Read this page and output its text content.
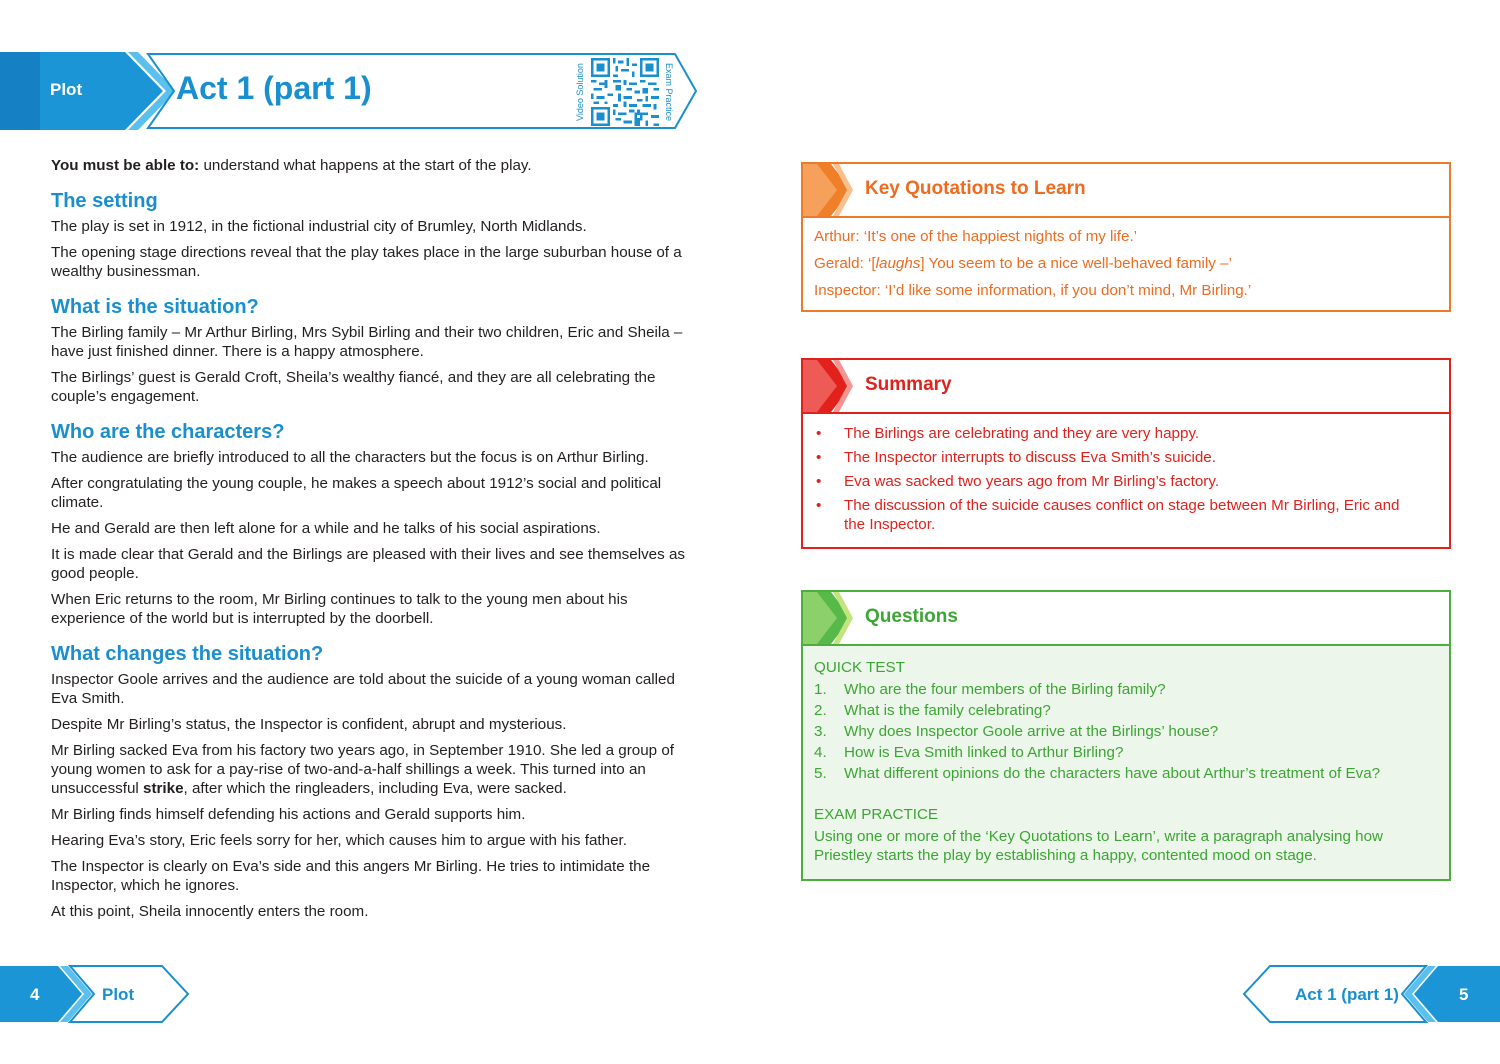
Plot	Act 1 (part 1)	Video Solution	Exam Practice

You must be able to: understand what happens at the start of the play.

The setting

The play is set in 1912, in the fictional industrial city of Brumley, North Midlands.

The opening stage directions reveal that the play takes place in the large suburban house of a wealthy businessman.

What is the situation?

The Birling family – Mr Arthur Birling, Mrs Sybil Birling and their two children, Eric and Sheila – have just finished dinner. There is a happy atmosphere.

The Birlings’ guest is Gerald Croft, Sheila’s wealthy fiancé, and they are all celebrating the couple’s engagement.

Who are the characters?

The audience are briefly introduced to all the characters but the focus is on Arthur Birling.

After congratulating the young couple, he makes a speech about 1912’s social and political climate.

He and Gerald are then left alone for a while and he talks of his social aspirations.

It is made clear that Gerald and the Birlings are pleased with their lives and see themselves as good people.

When Eric returns to the room, Mr Birling continues to talk to the young men about his experience of the world but is interrupted by the doorbell.

What changes the situation?

Inspector Goole arrives and the audience are told about the suicide of a young woman called Eva Smith.

Despite Mr Birling’s status, the Inspector is confident, abrupt and mysterious.

Mr Birling sacked Eva from his factory two years ago, in September 1910. She led a group of young women to ask for a pay-rise of two-and-a-half shillings a week. This turned into an unsuccessful strike, after which the ringleaders, including Eva, were sacked.

Mr Birling finds himself defending his actions and Gerald supports him.

Hearing Eva’s story, Eric feels sorry for her, which causes him to argue with his father.

The Inspector is clearly on Eva’s side and this angers Mr Birling. He tries to intimidate the Inspector, which he ignores.

At this point, Sheila innocently enters the room.

Key Quotations to Learn

Arthur: ‘It’s one of the happiest nights of my life.’

Gerald: ‘[laughs] You seem to be a nice well-behaved family –’

Inspector: ‘I’d like some information, if you don’t mind, Mr Birling.’

Summary
• The Birlings are celebrating and they are very happy.
• The Inspector interrupts to discuss Eva Smith’s suicide.
• Eva was sacked two years ago from Mr Birling’s factory.
• The discussion of the suicide causes conflict on stage between Mr Birling, Eric and the Inspector.
Questions
QUICK TEST
1. Who are the four members of the Birling family?
2. What is the family celebrating?
3. Why does Inspector Goole arrive at the Birlings’ house?
4. How is Eva Smith linked to Arthur Birling?
5. What different opinions do the characters have about Arthur’s treatment of Eva?
EXAM PRACTICE

Using one or more of the ‘Key Quotations to Learn’, write a paragraph analysing how Priestley starts the play by establishing a happy, contented mood on stage.

4	Plot	Act 1 (part 1)	5
